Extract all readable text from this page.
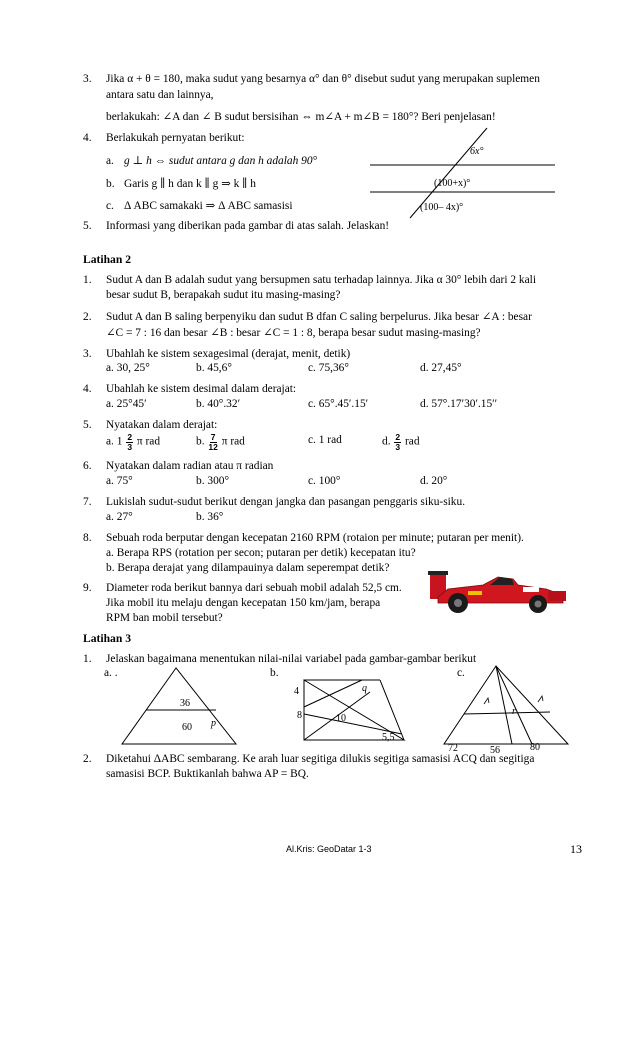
3. Jika α + θ = 180, maka sudut yang besarnya α° dan θ° disebut sudut yang merupakan suplemen
antara satu dan lainnya,
berlakukah: ∠A dan ∠ B sudut bersisihan ⇔ m∠A + m∠B = 180°? Beri penjelasan!
4. Berlakukah pernyatan berikut:
a. g ⊥ h ⇔ sudut antara g dan h adalah 90°
b. Garis g ∥ h dan k ∥ g ⇒ k ∥ h
c. Δ ABC samakaki ⇒ Δ ABC samasisi
5. Informasi yang diberikan pada gambar di atas salah. Jelaskan!
6x°
(100+x)°
(100– 4x)°
Latihan 2
1. Sudut A dan B adalah sudut yang bersupmen satu terhadap lainnya. Jika α 30° lebih dari 2 kali
besar sudut B, berapakah sudut itu masing-masing?
2. Sudut A dan B saling berpenyiku dan sudut B dfan C saling berpelurus. Jika besar ∠A : besar
∠C = 7 : 16 dan besar ∠B : besar ∠C = 1 : 8, berapa besar sudut masing-masing?
3. Ubahlah ke sistem sexagesimal (derajat, menit, detik)
a. 30, 25°	b. 45,6°	c. 75,36°	d. 27,45°
4. Ubahlah ke sistem desimal dalam derajat:
a. 25°45′	b. 40°.32′	c. 65°.45′.15′	d. 57°.17′30′.15′′
5. Nyatakan dalam derajat:
a. $1 \frac{2}{3}$ π rad	b. $\frac{7}{12}$ π rad	c. 1 rad	d. $\frac{2}{3}$ rad
6. Nyatakan dalam radian atau π radian
a. 75°	b. 300°	c. 100°	d. 20°
7. Lukislah sudut-sudut berikut dengan jangka dan pasangan penggaris siku-siku.
a. 27°	b. 36°
8. Sebuah roda berputar dengan kecepatan 2160 RPM (rotaion per minute; putaran per menit).
a. Berapa RPS (rotation per secon; putaran per detik) kecepatan itu?
b. Berapa derajat yang dilampauinya dalam seperempat detik?
9. Diameter roda berikut bannya dari sebuah mobil adalah 52,5 cm.
Jika mobil itu melaju dengan kecepatan 150 km/jam, berapa
RPM ban mobil tersebut?
Latihan 3
1. Jelaskan bagaimana menentukan nilai-nilai variabel pada gambar-gambar berikut
a. .	b.	c.
36
60 p
4	q
8	10
5,5
r
72	56	80
2. Diketahui ΔABC sembarang. Ke arah luar segitiga dilukis segitiga samasisi ACQ dan segitiga
samasisi BCP. Buktikanlah bahwa AP = BQ.
Al.Kris: GeoDatar 1-3	13
